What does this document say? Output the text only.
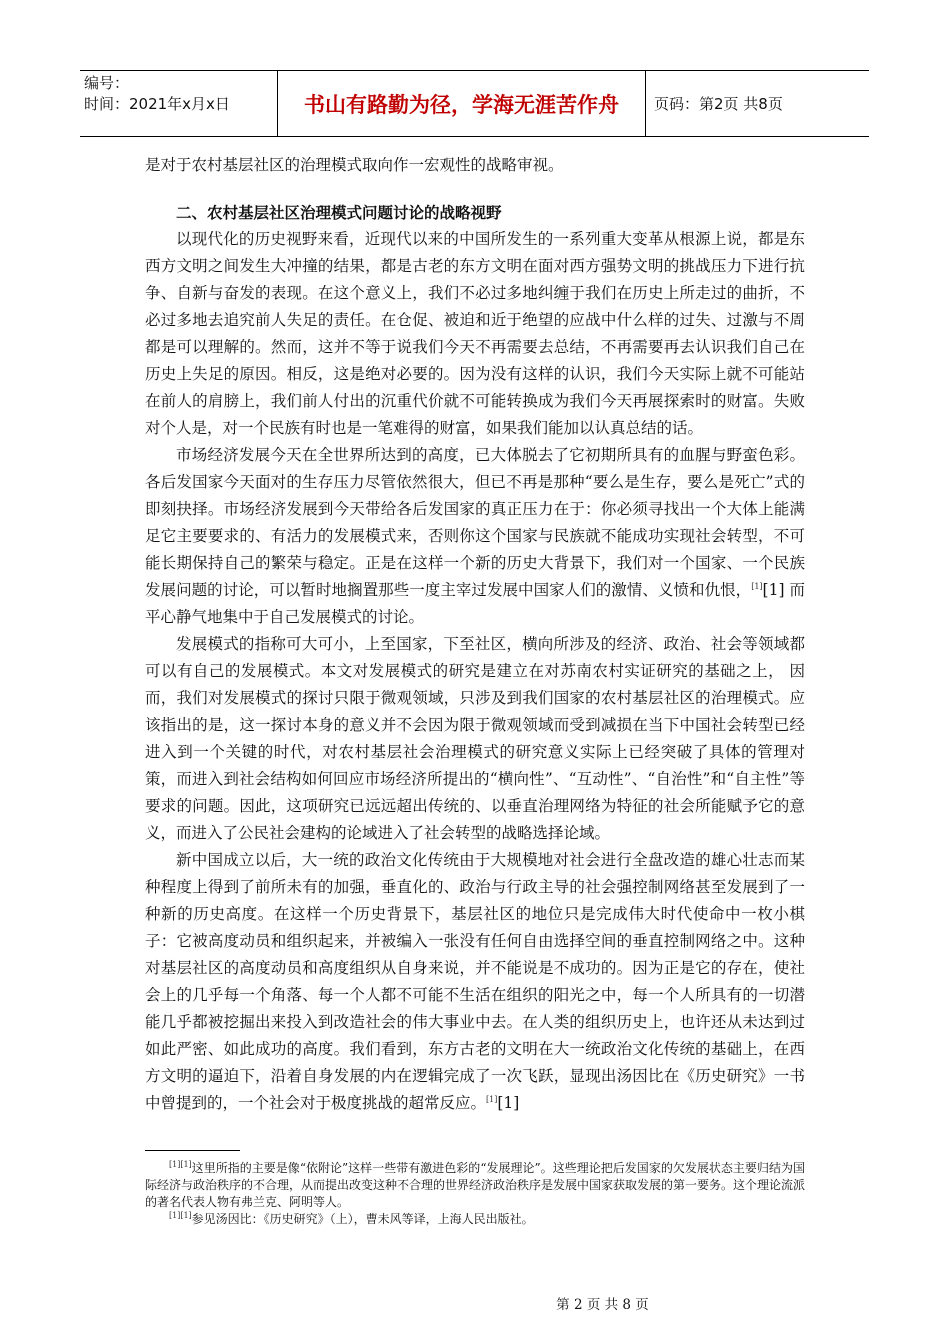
编号：
时间：2021年x月x日	书山有路勤为径，学海无涯苦作舟	页码：第2页 共8页

是对于农村基层社区的治理模式取向作一宏观性的战略审视。

二、农村基层社区治理模式问题讨论的战略视野

以现代化的历史视野来看，近现代以来的中国所发生的一系列重大变革从根源上说，都是东西方文明之间发生大冲撞的结果，都是古老的东方文明在面对西方强势文明的挑战压力下进行抗争、自新与奋发的表现。在这个意义上，我们不必过多地纠缠于我们在历史上所走过的曲折，不必过多地去追究前人失足的责任。在仓促、被迫和近于绝望的应战中什么样的过失、过激与不周都是可以理解的。然而，这并不等于说我们今天不再需要去总结，不再需要再去认识我们自己在历史上失足的原因。相反，这是绝对必要的。因为没有这样的认识，我们今天实际上就不可能站在前人的肩膀上，我们前人付出的沉重代价就不可能转换成为我们今天再展探索时的财富。失败对个人是，对一个民族有时也是一笔难得的财富，如果我们能加以认真总结的话。

市场经济发展今天在全世界所达到的高度，已大体脱去了它初期所具有的血腥与野蛮色彩。各后发国家今天面对的生存压力尽管依然很大，但已不再是那种“要么是生存，要么是死亡”式的即刻抉择。市场经济发展到今天带给各后发国家的真正压力在于：你必须寻找出一个大体上能满足它主要要求的、有活力的发展模式来，否则你这个国家与民族就不能成功实现社会转型，不可能长期保持自己的繁荣与稳定。正是在这样一个新的历史大背景下，我们对一个国家、一个民族发展问题的讨论，可以暂时地搁置那些一度主宰过发展中国家人们的激情、义愤和仇恨，[1][1] 而平心静气地集中于自己发展模式的讨论。

发展模式的指称可大可小，上至国家，下至社区，横向所涉及的经济、政治、社会等领域都可以有自己的发展模式。本文对发展模式的研究是建立在对苏南农村实证研究的基础之上， 因而，我们对发展模式的探讨只限于微观领域，只涉及到我们国家的农村基层社区的治理模式。应该指出的是，这一探讨本身的意义并不会因为限于微观领域而受到减损在当下中国社会转型已经进入到一个关键的时代，对农村基层社会治理模式的研究意义实际上已经突破了具体的管理对策，而进入到社会结构如何回应市场经济所提出的“横向性”、“互动性”、“自治性”和“自主性”等要求的问题。因此，这项研究已远远超出传统的、以垂直治理网络为特征的社会所能赋予它的意义，而进入了公民社会建构的论域进入了社会转型的战略选择论域。

新中国成立以后，大一统的政治文化传统由于大规模地对社会进行全盘改造的雄心壮志而某种程度上得到了前所未有的加强，垂直化的、政治与行政主导的社会强控制网络甚至发展到了一种新的历史高度。在这样一个历史背景下，基层社区的地位只是完成伟大时代使命中一枚小棋子：它被高度动员和组织起来，并被编入一张没有任何自由选择空间的垂直控制网络之中。这种对基层社区的高度动员和高度组织从自身来说，并不能说是不成功的。因为正是它的存在，使社会上的几乎每一个角落、每一个人都不可能不生活在组织的阳光之中，每一个人所具有的一切潜能几乎都被挖掘出来投入到改造社会的伟大事业中去。在人类的组织历史上，也许还从未达到过如此严密、如此成功的高度。我们看到，东方古老的文明在大一统政治文化传统的基础上，在西方文明的逼迫下，沿着自身发展的内在逻辑完成了一次飞跃，显现出汤因比在《历史研究》一书中曾提到的，一个社会对于极度挑战的超常反应。[1][1]

[1][1]这里所指的主要是像“依附论”这样一些带有激进色彩的“发展理论”。这些理论把后发国家的欠发展状态主要归结为国际经济与政治秩序的不合理，从而提出改变这种不合理的世界经济政治秩序是发展中国家获取发展的第一要务。这个理论流派的著名代表人物有弗兰克、阿明等人。

[1][1]参见汤因比：《历史研究》（上），曹未风等译，上海人民出版社。

第 2 页 共 8 页
